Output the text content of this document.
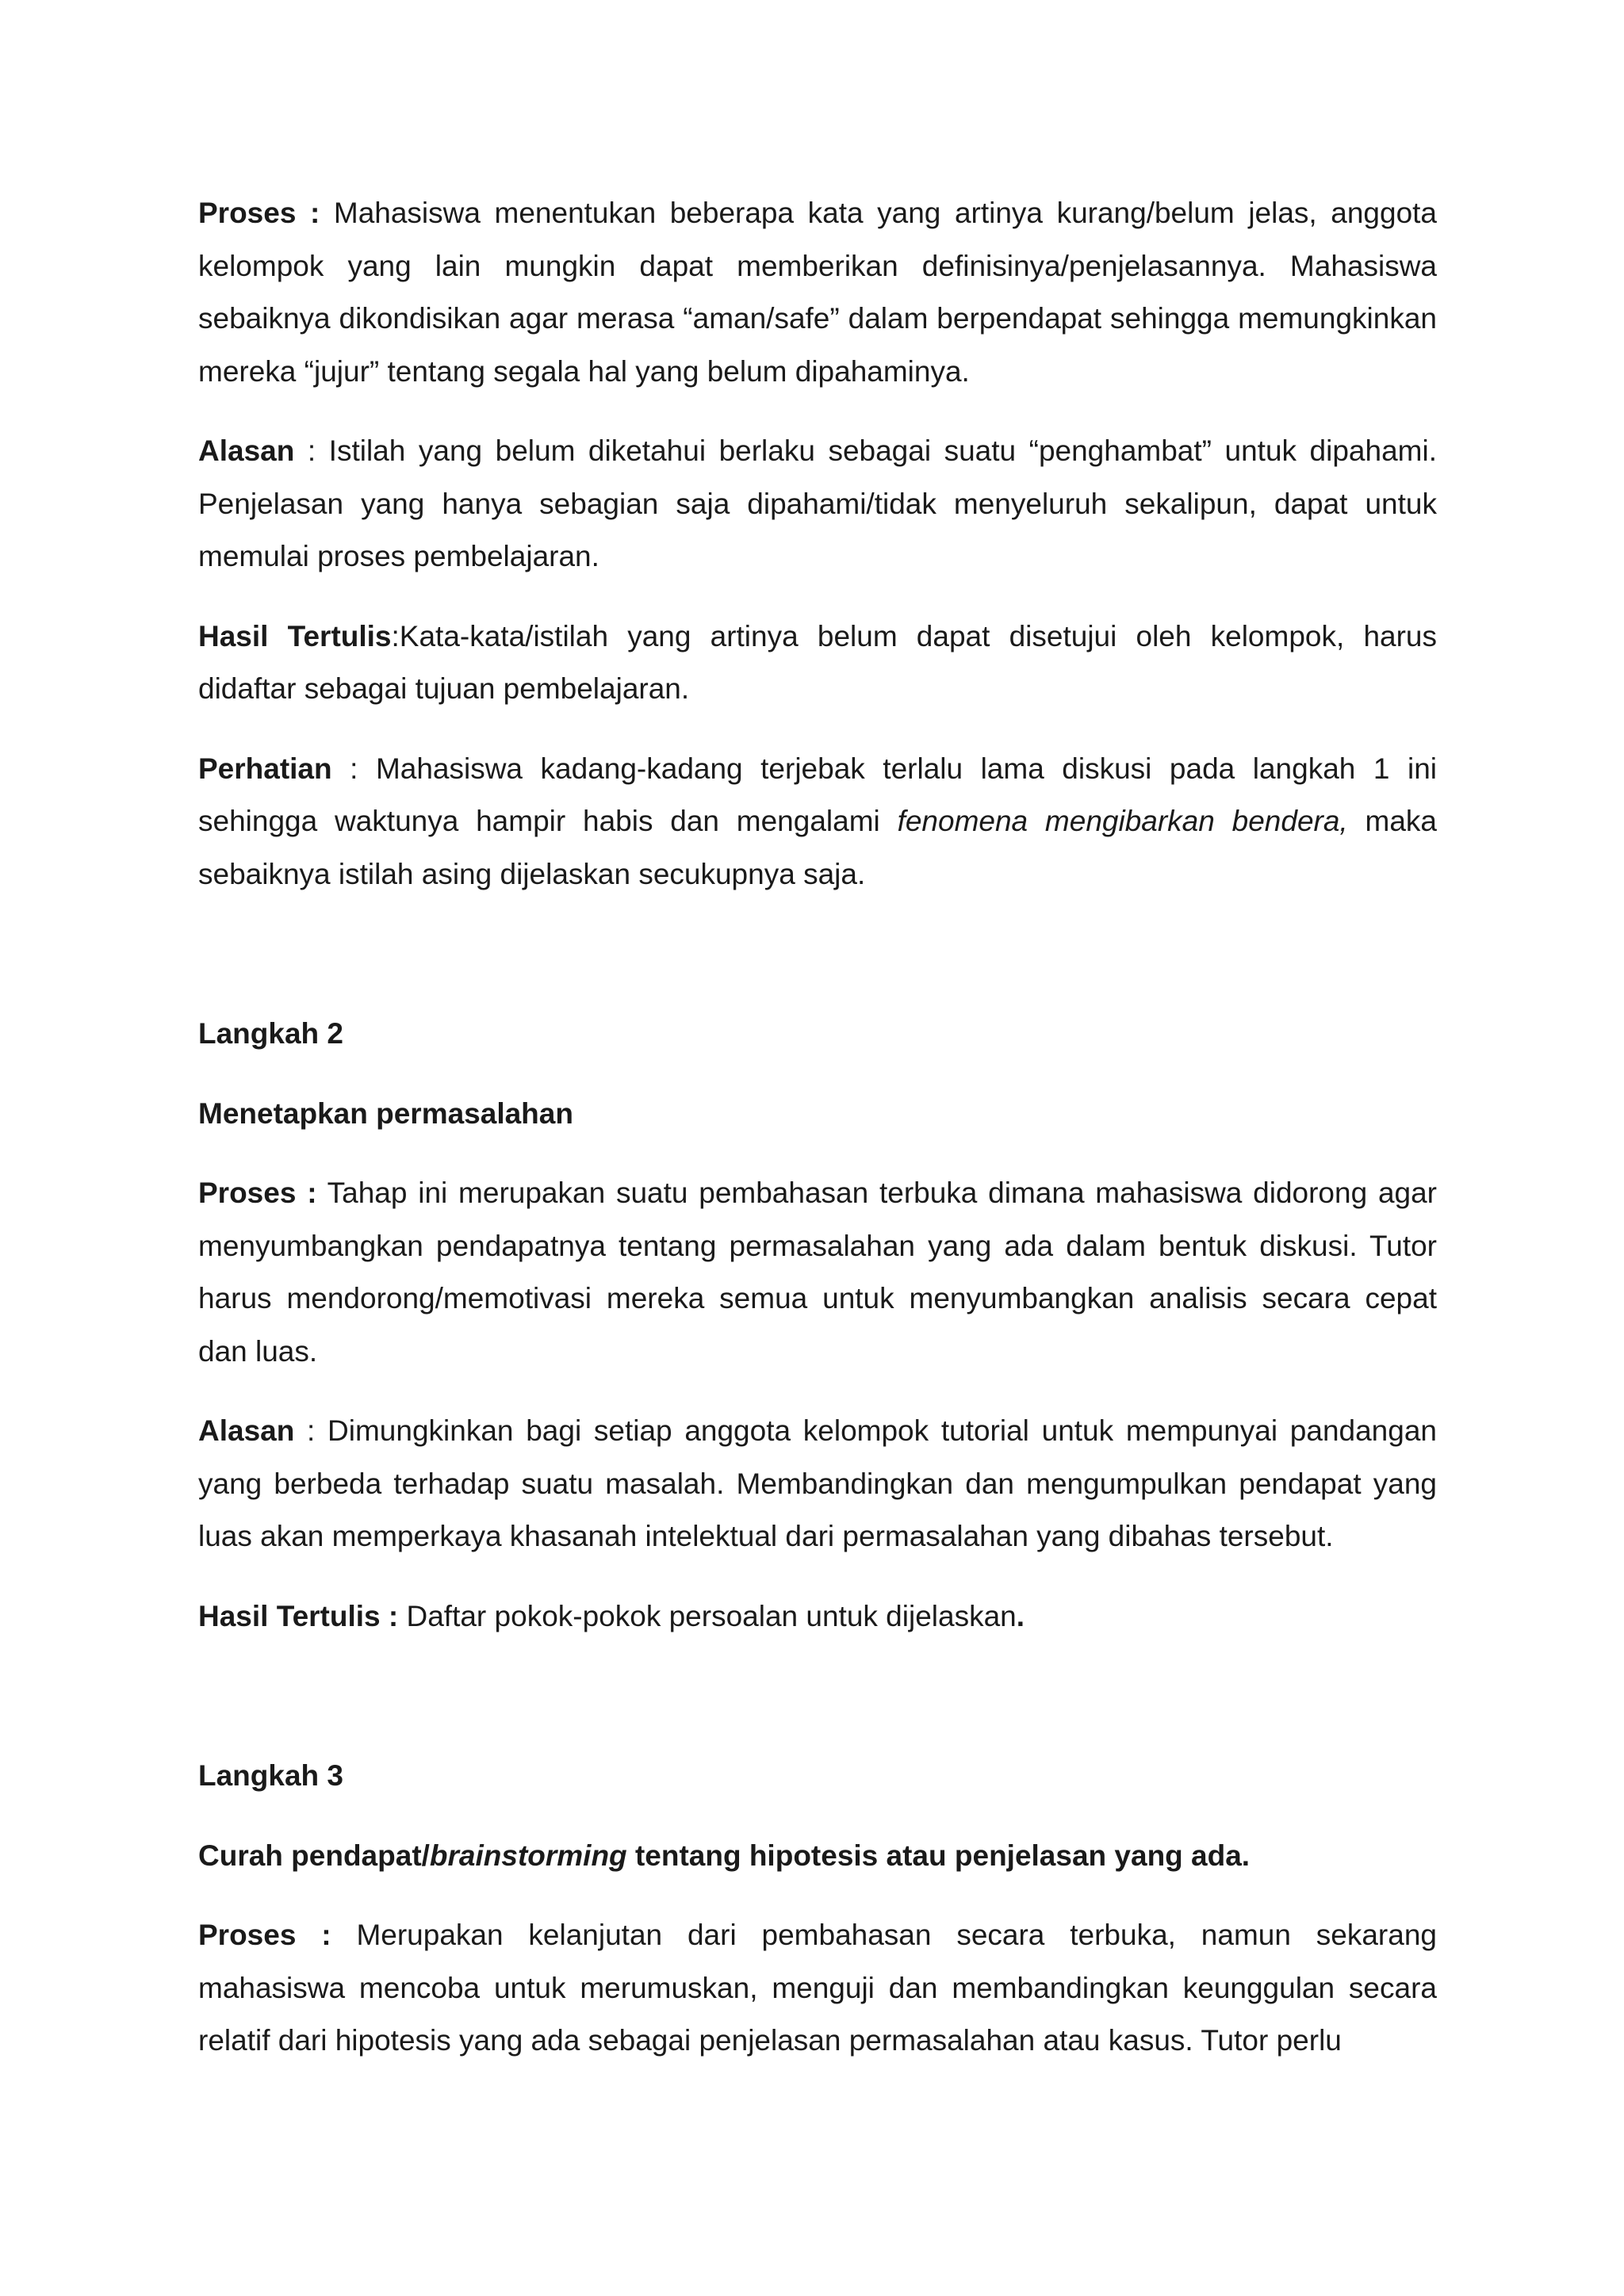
Proses : Mahasiswa menentukan beberapa kata yang artinya kurang/belum jelas, anggota kelompok yang lain mungkin dapat memberikan definisinya/penjelasannya. Mahasiswa sebaiknya dikondisikan agar merasa “aman/safe” dalam berpendapat sehingga memungkinkan mereka “jujur” tentang segala hal yang belum dipahaminya.

Alasan : Istilah yang belum diketahui berlaku sebagai suatu “penghambat” untuk dipahami. Penjelasan yang hanya sebagian saja dipahami/tidak menyeluruh sekalipun, dapat untuk memulai proses pembelajaran.

Hasil Tertulis:Kata-kata/istilah yang artinya belum dapat disetujui oleh kelompok, harus didaftar sebagai tujuan pembelajaran.

Perhatian : Mahasiswa kadang-kadang terjebak terlalu lama diskusi pada langkah 1 ini sehingga waktunya hampir habis dan mengalami fenomena mengibarkan bendera, maka sebaiknya istilah asing dijelaskan secukupnya saja.

Langkah 2

Menetapkan permasalahan

Proses : Tahap ini merupakan suatu pembahasan terbuka dimana mahasiswa didorong agar menyumbangkan pendapatnya tentang permasalahan yang ada dalam bentuk diskusi. Tutor harus mendorong/memotivasi mereka semua untuk menyumbangkan analisis secara cepat dan luas.

Alasan : Dimungkinkan bagi setiap anggota kelompok tutorial untuk mempunyai pandangan yang berbeda terhadap suatu masalah. Membandingkan dan mengumpulkan pendapat yang luas akan memperkaya khasanah intelektual dari permasalahan yang dibahas tersebut.

Hasil Tertulis : Daftar pokok-pokok persoalan untuk dijelaskan.

Langkah 3

Curah pendapat/brainstorming tentang hipotesis atau penjelasan yang ada.

Proses : Merupakan kelanjutan dari pembahasan secara terbuka, namun sekarang mahasiswa mencoba untuk merumuskan, menguji dan membandingkan keunggulan secara relatif dari hipotesis yang ada sebagai penjelasan permasalahan atau kasus. Tutor perlu
